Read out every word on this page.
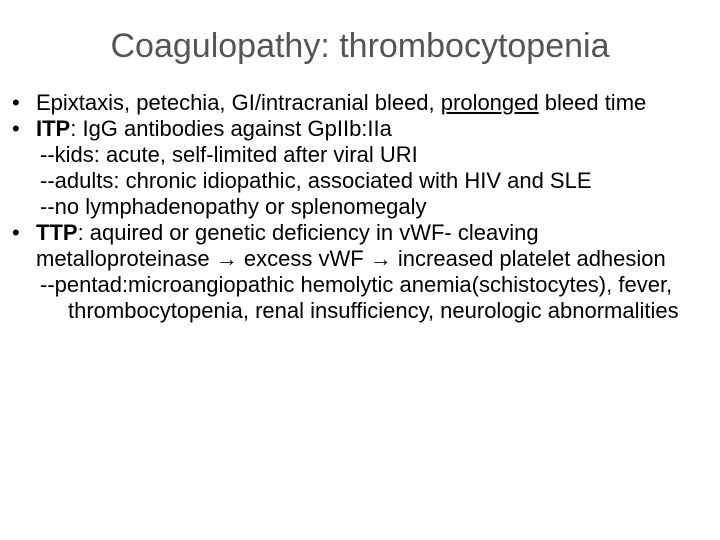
Coagulopathy: thrombocytopenia
• Epixtaxis, petechia, GI/intracranial bleed, prolonged bleed time
• ITP: IgG antibodies against GpIIb:IIa
--kids: acute, self-limited after viral URI
--adults: chronic idiopathic, associated with HIV and SLE
--no lymphadenopathy or splenomegaly
• TTP: aquired or genetic deficiency in vWF- cleaving metalloproteinase → excess vWF → increased platelet adhesion
--pentad:microangiopathic hemolytic anemia(schistocytes), fever, thrombocytopenia, renal insufficiency, neurologic abnormalities
